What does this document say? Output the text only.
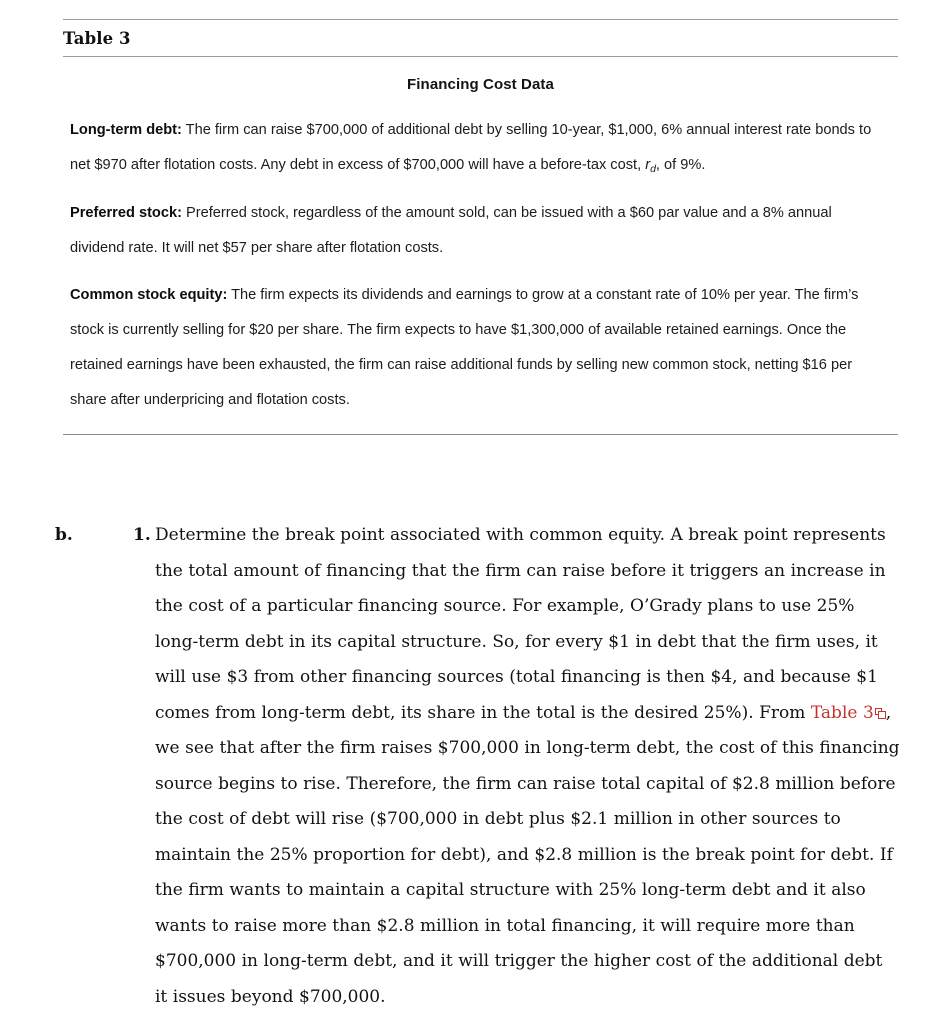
Table 3
Financing Cost Data

Long-term debt: The firm can raise $700,000 of additional debt by selling 10-year, $1,000, 6% annual interest rate bonds to net $970 after flotation costs. Any debt in excess of $700,000 will have a before-tax cost, $r_d$, of 9%.

Preferred stock: Preferred stock, regardless of the amount sold, can be issued with a $60 par value and a 8% annual dividend rate. It will net $57 per share after flotation costs.

Common stock equity: The firm expects its dividends and earnings to grow at a constant rate of 10% per year. The firm’s stock is currently selling for $20 per share. The firm expects to have $1,300,000 of available retained earnings. Once the retained earnings have been exhausted, the firm can raise additional funds by selling new common stock, netting $16 per share after underpricing and flotation costs.

b.	1. Determine the break point associated with common equity. A break point represents the total amount of financing that the firm can raise before it triggers an increase in the cost of a particular financing source. For example, O’Grady plans to use 25% long-term debt in its capital structure. So, for every $1 in debt that the firm uses, it will use $3 from other financing sources (total financing is then $4, and because $1 comes from long-term debt, its share in the total is the desired 25%). From Table 3 , we see that after the firm raises $700,000 in long-term debt, the cost of this financing source begins to rise. Therefore, the firm can raise total capital of $2.8 million before the cost of debt will rise ($700,000 in debt plus $2.1 million in other sources to maintain the 25% proportion for debt), and $2.8 million is the break point for debt. If the firm wants to maintain a capital structure with 25% long-term debt and it also wants to raise more than $2.8 million in total financing, it will require more than $700,000 in long-term debt, and it will trigger the higher cost of the additional debt it issues beyond $700,000.
